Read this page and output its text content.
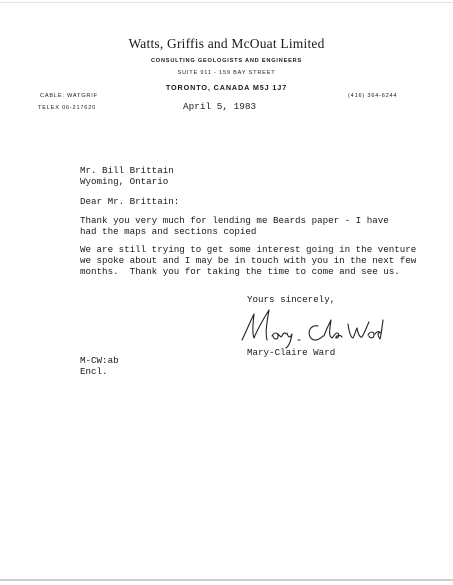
Watts, Griffis and McOuat Limited
CONSULTING GEOLOGISTS AND ENGINEERS
SUITE 911 - 159 BAY STREET
TORONTO, CANADA M5J 1J7
CABLE: WATGRIF
TELEX 06-217620
(416) 364-6244
April 5, 1983
Mr. Bill Brittain
Wyoming, Ontario
Dear Mr. Brittain:
Thank you very much for lending me Beards paper - I have
had the maps and sections copied
We are still trying to get some interest going in the venture
we spoke about and I may be in touch with you in the next few
months.  Thank you for taking the time to come and see us.
Yours sincerely,
Mary-Claire Ward
M-CW:ab
Encl.
